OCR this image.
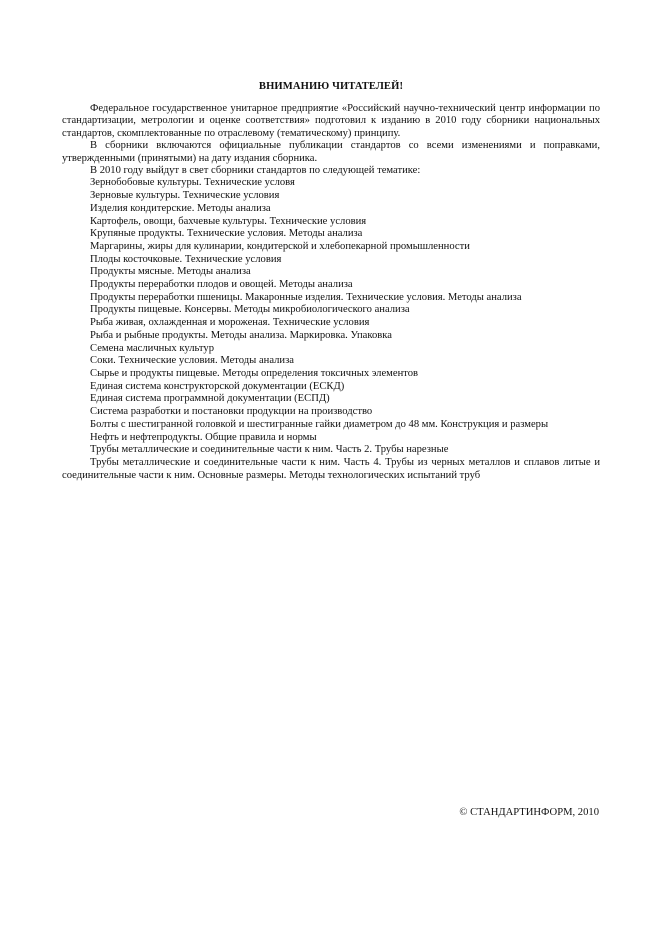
ВНИМАНИЮ ЧИТАТЕЛЕЙ!

Федеральное государственное унитарное предприятие «Российский научно-технический центр информации по стандартизации, метрологии и оценке соответствия» подготовил к изданию в 2010 году сборники национальных стандартов, скомплектованные по отраслевому (тематическому) принципу.

В сборники включаются официальные публикации стандартов со всеми изменениями и поправками, утвержденными (принятыми) на дату издания сборника.

В 2010 году выйдут в свет сборники стандартов по следующей тематике:

Зернобобовые культуры. Технические условя
Зерновые культуры. Технические условия
Изделия кондитерские. Методы анализа
Картофель, овощи, бахчевые культуры. Технические условия
Крупяные продукты. Технические условия. Методы анализа
Маргарины, жиры для кулинарии, кондитерской и хлебопекарной промышленности
Плоды косточковые. Технические условия
Продукты мясные. Методы анализа
Продукты переработки плодов и овощей. Методы анализа
Продукты переработки пшеницы. Макаронные изделия. Технические условия. Методы анализа
Продукты пищевые. Консервы. Методы микробиологического анализа
Рыба живая, охлажденная и мороженая. Технические условия
Рыба и рыбные продукты. Методы анализа. Маркировка. Упаковка
Семена масличных культур
Соки. Технические условия. Методы анализа
Сырье и продукты пищевые. Методы определения токсичных элементов
Единая система конструкторской документации (ЕСКД)
Единая система программной документации (ЕСПД)
Система разработки и постановки продукции на производство
Болты с шестигранной головкой и шестигранные гайки диаметром до 48 мм. Конструкция и размеры
Нефть и нефтепродукты. Общие правила и нормы
Трубы металлические и соединительные части к ним. Часть 2. Трубы нарезные
Трубы металлические и соединительные части к ним. Часть 4. Трубы из черных металлов и сплавов литые и соединительные части к ним. Основные размеры. Методы технологических испытаний труб
© СТАНДАРТИНФОРМ, 2010
